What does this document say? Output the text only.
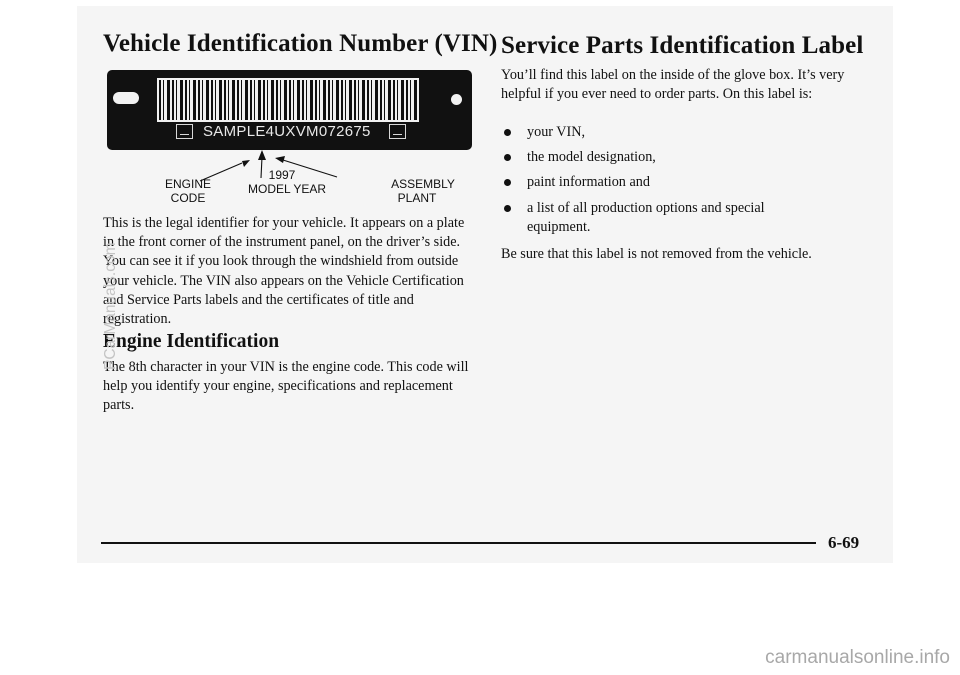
Vehicle Identification Number (VIN)
SAMPLE4UXVM072675
ENGINE
CODE
1997
MODEL YEAR	ASSEMBLY
PLANT

This is the legal identifier for your vehicle. It appears on a plate in the front corner of the instrument panel, on the driver’s side. You can see it if you look through the windshield from outside your vehicle. The VIN also appears on the Vehicle Certification and Service Parts labels and the certificates of title and registration.

Engine Identification

The 8th character in your VIN is the engine code. This code will help you identify your engine, specifications and replacement parts.

Service Parts Identification Label

You’ll find this label on the inside of the glove box. It’s very helpful if you ever need to order parts. On this label is:

your VIN,
the model designation,
paint information and
a list of all production options and special equipment.

Be sure that this label is not removed from the vehicle.

6-69

PCarManuals.com

carmanualsonline.info
